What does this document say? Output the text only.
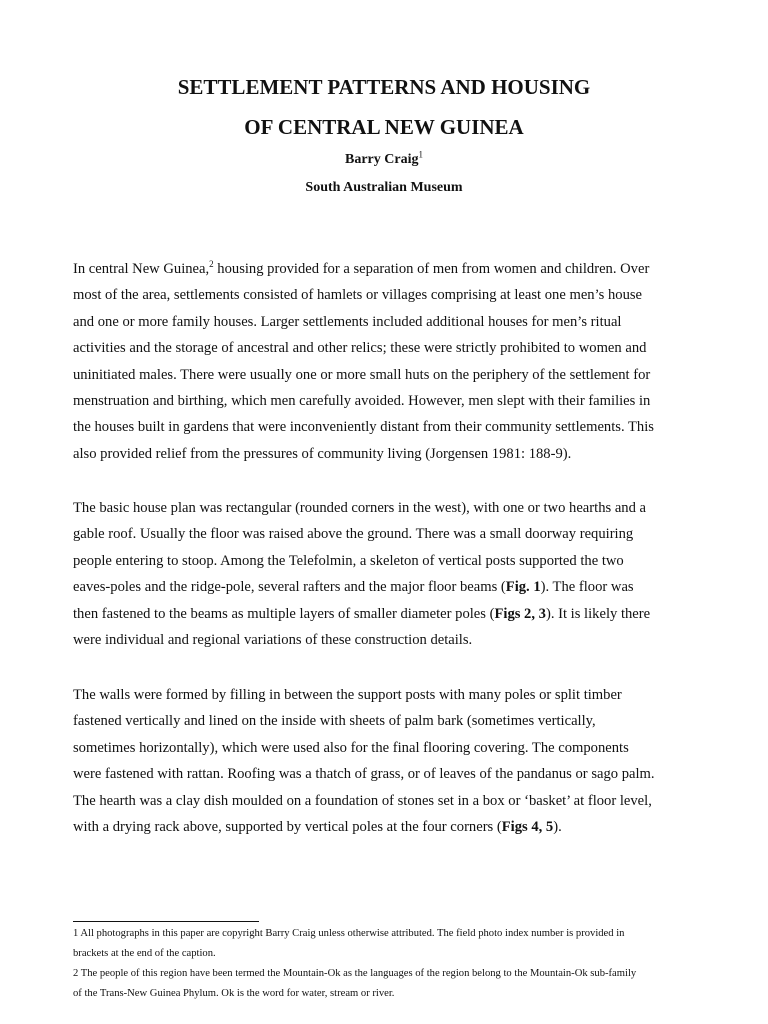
SETTLEMENT PATTERNS AND HOUSING
OF CENTRAL NEW GUINEA

Barry Craig$^1$

South Australian Museum

In central New Guinea,$^2$ housing provided for a separation of men from women and children. Over
most of the area, settlements consisted of hamlets or villages comprising at least one men’s house
and one or more family houses. Larger settlements included additional houses for men’s ritual
activities and the storage of ancestral and other relics; these were strictly prohibited to women and
uninitiated males. There were usually one or more small huts on the periphery of the settlement for
menstruation and birthing, which men carefully avoided. However, men slept with their families in
the houses built in gardens that were inconveniently distant from their community settlements. This
also provided relief from the pressures of community living (Jorgensen 1981: 188-9).
The basic house plan was rectangular (rounded corners in the west), with one or two hearths and a
gable roof. Usually the floor was raised above the ground. There was a small doorway requiring
people entering to stoop. Among the Telefolmin, a skeleton of vertical posts supported the two
eaves-poles and the ridge-pole, several rafters and the major floor beams (Fig. 1). The floor was
then fastened to the beams as multiple layers of smaller diameter poles (Figs 2, 3). It is likely there
were individual and regional variations of these construction details.
The walls were formed by filling in between the support posts with many poles or split timber
fastened vertically and lined on the inside with sheets of palm bark (sometimes vertically,
sometimes horizontally), which were used also for the final flooring covering. The components
were fastened with rattan. Roofing was a thatch of grass, or of leaves of the pandanus or sago palm.
The hearth was a clay dish moulded on a foundation of stones set in a box or ‘basket’ at floor level,
with a drying rack above, supported by vertical poles at the four corners (Figs 4, 5).
1 All photographs in this paper are copyright Barry Craig unless otherwise attributed. The field photo index number is provided in
brackets at the end of the caption.
2 The people of this region have been termed the Mountain-Ok as the languages of the region belong to the Mountain-Ok sub-family
of the Trans-New Guinea Phylum. Ok is the word for water, stream or river.
